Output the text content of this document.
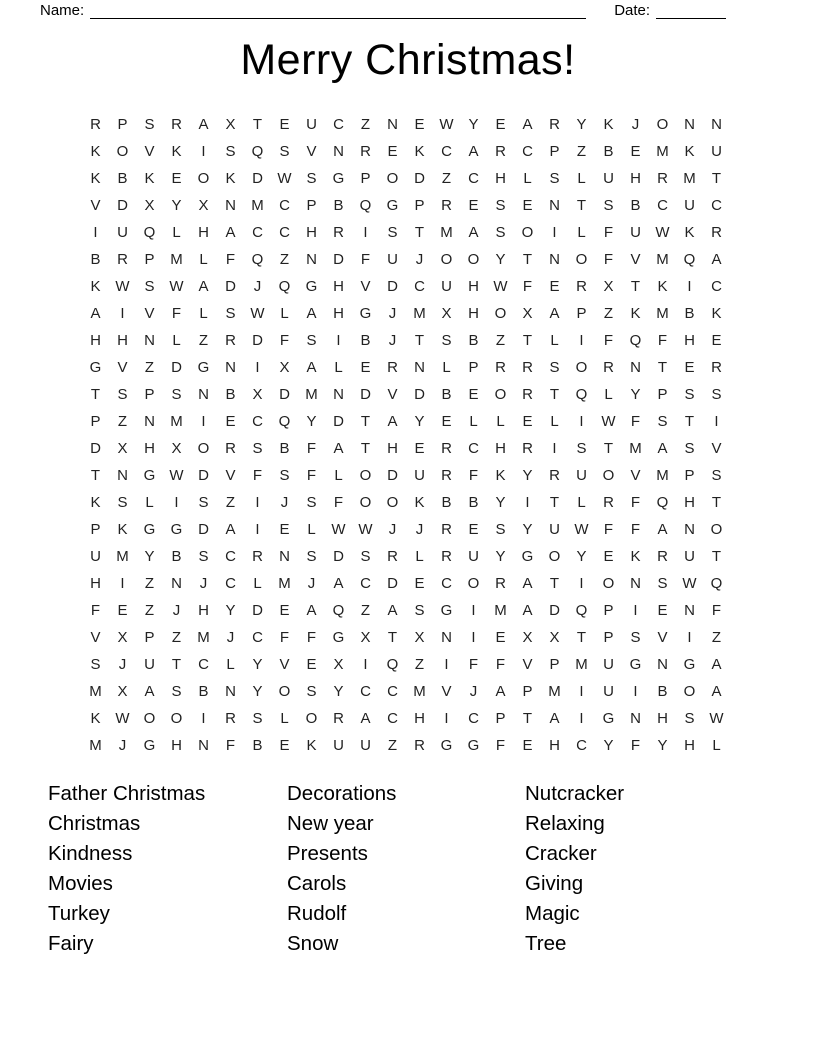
Name:	Date:
Merry Christmas!
R	P	S	R	A	X	T	E	U	C	Z	N	E W Y	E	A	R	Y	K	J	O	N	N
K	O	V	K	I	S	Q	S	V	N	R	E	K	C	A	R	C	P	Z	B	E	M	K	U
K	B	K	E	O	K	D W S	G	P	O	D	Z	C	H	L	S	L	U	H	R	M	T
V	D	X	Y	X	N	M	C	P	B	Q	G	P	R	E	S	E	N	T	S	B	C	U	C
I	U	Q	L	H	A	C	C	H	R	I	S	T	M	A	S	O	I	L	F	U W K	R
B	R	P	M	L	F	Q	Z	N	D	F	U	J	O	O	Y	T	N	O	F	V	M Q	A
K W S W A	D	J	Q	G	H	V	D	C	U	H W	F	E	R	X	T	K	I	C
A	I	V	F	L	S W	L	A	H	G	J	M	X	H	O	X	A	P	Z	K	M	B	K
H	H	N	L	Z	R	D	F	S	I	B	J	T	S	B	Z	T	L	I	F	Q	F	H	E
G	V	Z	D	G	N	I	X	A	L	E	R	N	L	P	R	R	S	O	R	N	T	E	R
T	S	P	S	N	B	X	D	M	N	D	V	D	B	E	O	R	T	Q	L	Y	P	S	S
P	Z	N	M	I	E	C	Q	Y	D	T	A	Y	E	L	L	E	L	I	W	F	S	T	I
D	X	H	X	O	R	S	B	F	A	T	H	E	R	C	H	R	I	S	T	M	A	S	V
T	N	G W D	V	F	S	F	L	O	D	U	R	F	K	Y	R	U	O	V	M	P	S
K	S	L	I	S	Z	I	J	S	F	O	O	K	B	B	Y	I	T	L	R	F	Q	H	T
P	K	G	G	D	A	I	E	L	W W	J	J	R	E	S	Y	U W	F	F	A	N	O
U	M	Y	B	S	C	R	N	S	D	S	R	L	R	U	Y	G	O	Y	E	K	R	U	T
H	I	Z	N	J	C	L	M	J	A	C	D	E	C	O	R	A	T	I	O	N	S W Q
F	E	Z	J	H	Y	D	E	A	Q	Z	A	S	G	I	M	A	D	Q	P	I	E	N	F
V	X	P	Z	M	J	C	F	F	G	X	T	X	N	I	E	X	X	T	P	S	V	I	Z
S	J	U	T	C	L	Y	V	E	X	I	Q	Z	I	F	F	V	P	M	U	G	N	G	A
M	X	A	S	B	N	Y	O	S	Y	C	C	M	V	J	A	P	M	I	U	I	B	O	A
K W O	O	I	R	S	L	O	R	A	C	H	I	C	P	T	A	I	G	N	H	S W
M	J	G	H	N	F	B	E	K	U	U	Z	R	G	G	F	E	H	C	Y	F	Y	H	L
Father Christmas
Christmas
Kindness
Movies
Turkey
Fairy
Decorations
New year
Presents
Carols
Rudolf
Snow
Nutcracker
Relaxing
Cracker
Giving
Magic
Tree
